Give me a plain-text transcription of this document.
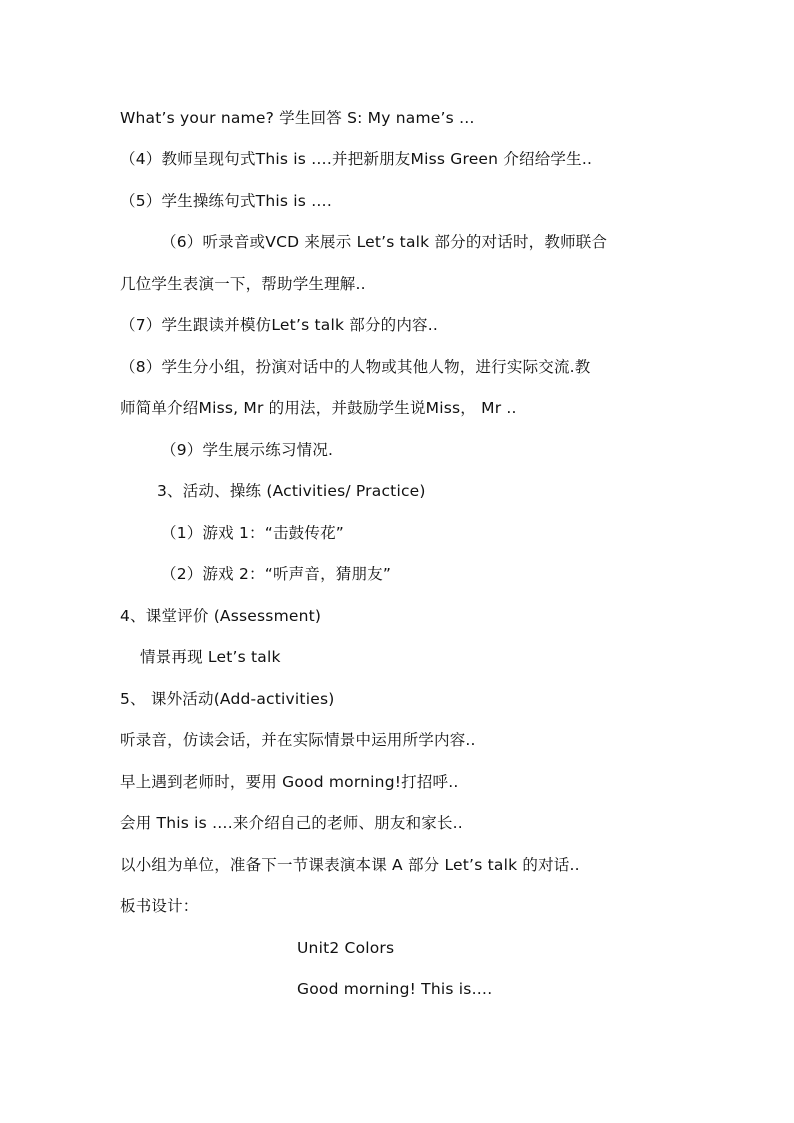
What’s your name? 学生回答 S: My name’s …
（4）教师呈现句式This is ….并把新朋友Miss Green 介绍给学生..
（5）学生操练句式This is ….
（6）听录音或VCD 来展示 Let’s talk 部分的对话时，教师联合
几位学生表演一下，帮助学生理解..
（7）学生跟读并模仿Let’s talk 部分的内容..
（8）学生分小组，扮演对话中的人物或其他人物，进行实际交流.教
师简单介绍Miss, Mr 的用法，并鼓励学生说Miss， Mr ..
（9）学生展示练习情况.
3、活动、操练 (Activities/ Practice)
（1）游戏 1：“击鼓传花”
（2）游戏 2：“听声音，猜朋友”
4、课堂评价 (Assessment)
情景再现 Let’s talk
5、 课外活动(Add-activities)
听录音，仿读会话，并在实际情景中运用所学内容..
早上遇到老师时，要用 Good morning!打招呼..
会用 This is ….来介绍自己的老师、朋友和家长..
以小组为单位，准备下一节课表演本课 A 部分 Let’s talk 的对话..
板书设计：
Unit2 Colors
Good morning! This is….
